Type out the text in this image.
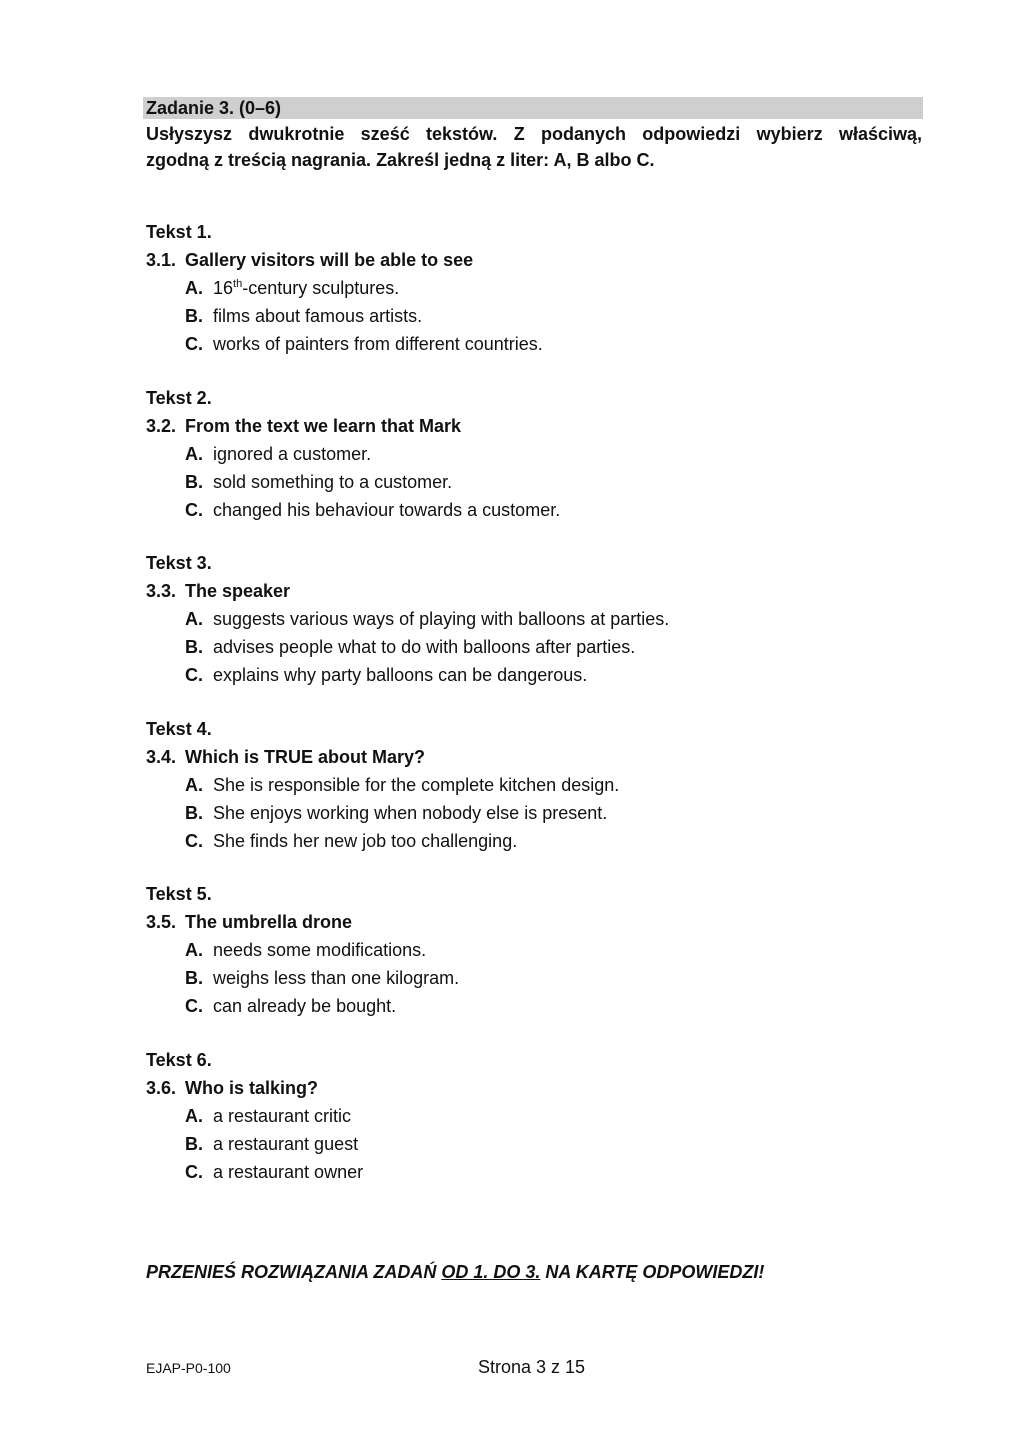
Zadanie 3. (0–6)
Usłyszysz dwukrotnie sześć tekstów. Z podanych odpowiedzi wybierz właściwą,
zgodną z treścią nagrania. Zakreśl jedną z liter: A, B albo C.
Tekst 1.
3.1. Gallery visitors will be able to see
A. 16th-century sculptures.
B. films about famous artists.
C. works of painters from different countries.
Tekst 2.
3.2. From the text we learn that Mark
A. ignored a customer.
B. sold something to a customer.
C. changed his behaviour towards a customer.
Tekst 3.
3.3. The speaker
A. suggests various ways of playing with balloons at parties.
B. advises people what to do with balloons after parties.
C. explains why party balloons can be dangerous.
Tekst 4.
3.4. Which is TRUE about Mary?
A. She is responsible for the complete kitchen design.
B. She enjoys working when nobody else is present.
C. She finds her new job too challenging.
Tekst 5.
3.5. The umbrella drone
A. needs some modifications.
B. weighs less than one kilogram.
C. can already be bought.
Tekst 6.
3.6. Who is talking?
A. a restaurant critic
B. a restaurant guest
C. a restaurant owner
PRZENIEŚ ROZWIĄZANIA ZADAŃ OD 1. DO 3. NA KARTĘ ODPOWIEDZI!
EJAP-P0-100	Strona 3 z 15
